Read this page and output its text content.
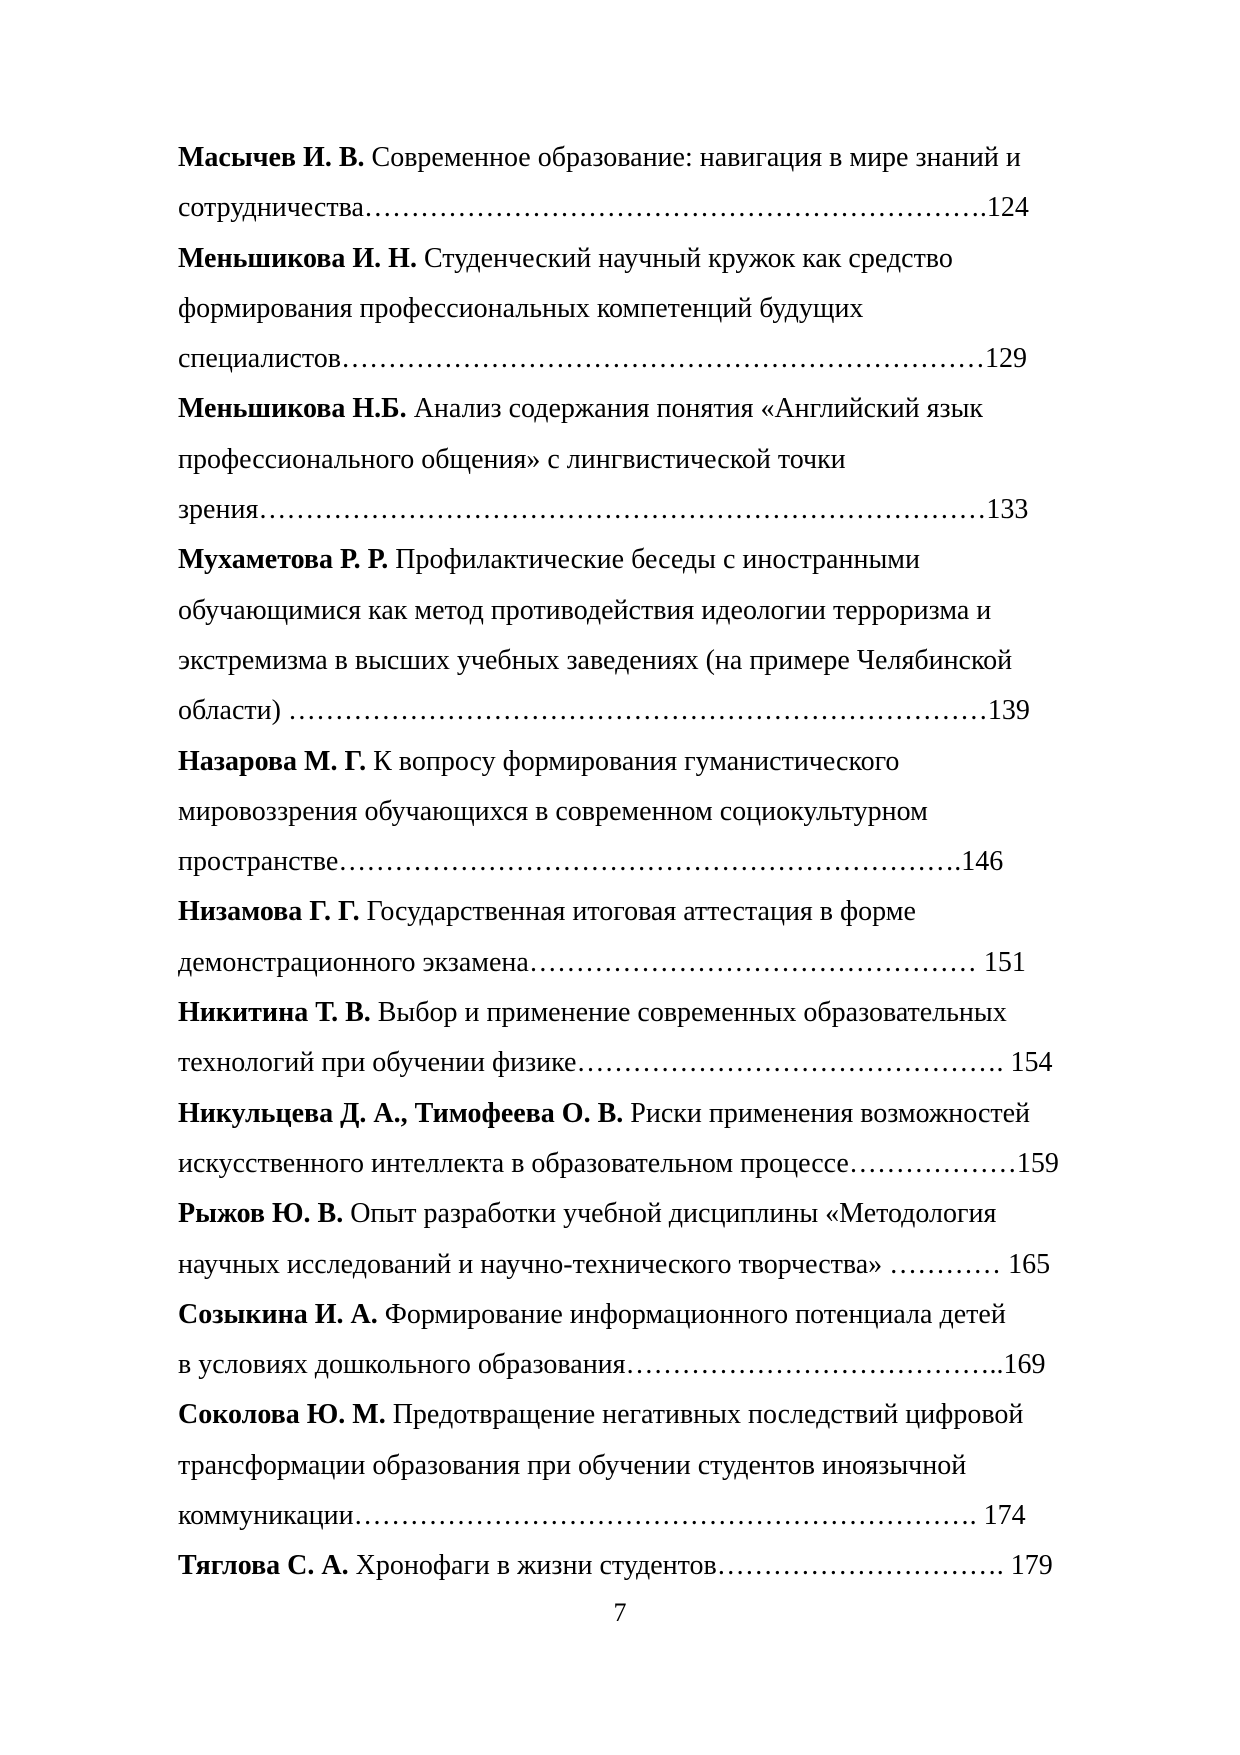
Масычев И. В. Современное образование: навигация в мире знаний и
сотрудничества………………………………………………………….124
Меньшикова И. Н. Студенческий научный кружок как средство
формирования профессиональных компетенций будущих
специалистов……………………………………………………………129
Меньшикова Н.Б. Анализ содержания понятия «Английский язык
профессионального общения» с лингвистической точки
зрения……………………………………………………………………133
Мухаметова Р. Р. Профилактические беседы с иностранными
обучающимися как метод противодействия идеологии терроризма и
экстремизма в высших учебных заведениях (на примере Челябинской
области) …………………………………………………………………139
Назарова М. Г. К вопросу формирования гуманистического
мировоззрения обучающихся в современном социокультурном
пространстве………………………………………………………….146
Низамова Г. Г. Государственная итоговая аттестация в форме
демонстрационного экзамена………………………………………… 151
Никитина Т. В. Выбор и применение современных образовательных
технологий при обучении физике………………………………………. 154
Никульцева Д. А., Тимофеева О. В. Риски применения возможностей
искусственного интеллекта в образовательном процессе………………159
Рыжов Ю. В. Опыт разработки учебной дисциплины «Методология
научных исследований и научно-технического творчества» ………… 165
Созыкина И. А. Формирование информационного потенциала детей
в условиях дошкольного образования…………………………………..169
Соколова Ю. М. Предотвращение негативных последствий цифровой
трансформации образования при обучении студентов иноязычной
коммуникации…………………………………………………………. 174
Тяглова С. А. Хронофаги в жизни студентов…………………………. 179
7
